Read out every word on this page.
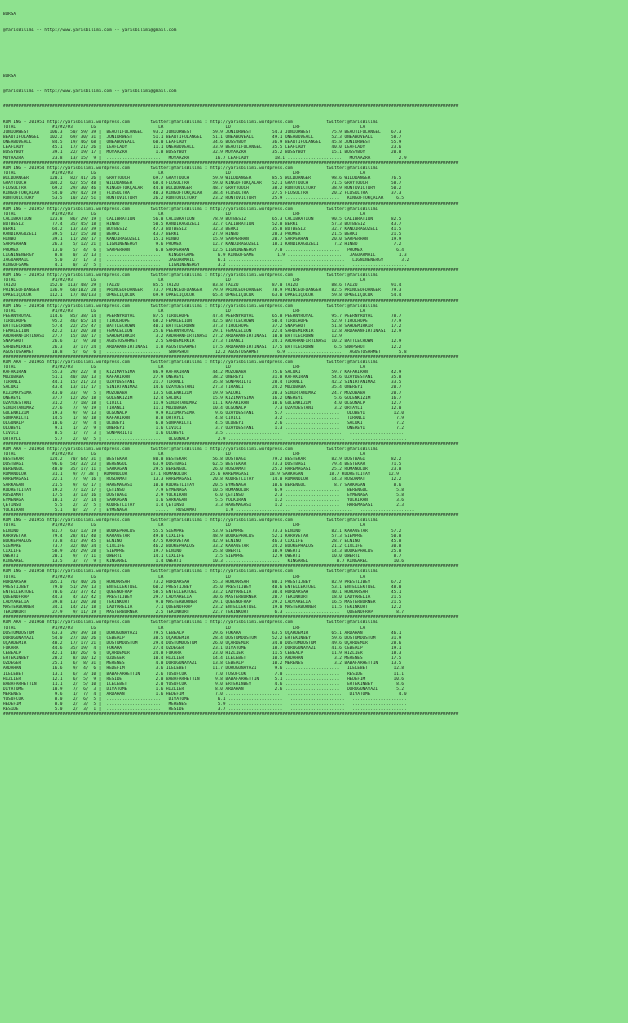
BURSA

@YarisBilimi -- http://www.yarisbilimi.com -- yarisbilimi@gmail.com

BURSA

@YarisBilimi -- http://www.yarisbilimi.com -- yarisbilimi@gmail.com

################################################################################################################################################################################

KUM ING - 201951 http://yarisbilimi.wordpress.com        twitter:@YarisBilimi : http://yarisbilimi.wordpress.com             twitter:@YarisBilimi
TOTAL              #1/#2/#3       LG                        LR                        LD                        LRF                       LA
JUNIORWEST        106.3   50/ 59/ 39 |  BEAUTIFULANGEL    93.2 JUNIORWEST        59.9 JUNIORWEST        54.3 JUNIORWEST        75.9 BEAUTIFULANGEL    67.3
BEAUTIFULANGEL    102.2   69/ 30/ 31 |  JUNIORWEST        51.1 BEAUTIFULANGEL    51.1 ONEABOVEALL       49.1 ONEABOVEALL       52.3 ONEABOVEALL       58.7
ONEABOVEALL        84.5   19/ 46/ 68 |  ONEABOVEALL       60.0 LEAFLADY          34.6 BOSSYBOY          36.9 BEAUTIFULANGEL    45.8 JUNIORWEST        55.9
LEAFLADY           45.1   17/ 21/ 26 |  LEAFLADY          11.1 ONEABOVEALL       33.9 BEAUTIFULANGEL    35.5 LEAFLADY          40.0 LEAFLADY          23.6
BOSSYBOY           39.1   22/ 19/ 17 |  MOYAAZRA           1.8 BOSSYBOY          32.9 MOYAAZRA          35.2 BOSSYBOY          15.1 BOSSYBOY          20.8
MOYAAZRA           23.8   13/ 15/  9 |  .....................   MOYAAZRA          16.7 LEAFLADY          18.1 .....................   MOYAAZRA           2.9
################################################################################################################################################################################
KUM ING - 201954 http://yarisbilimi.wordpress.com        twitter:@YarisBilimi : http://yarisbilimi.wordpress.com             twitter:@YarisBilimi
TOTAL              #1/#2/#3       LG                        LR                        LD                        LRF                       LA
WILDDANGER        120.1   82/ 41/ 26 |  GRAYTOUCH         69.7 GRAYTOUCH         59.9 WILDDANGER        85.5 WILDDANGER        98.6 WILDDANGER        76.5
GRAYTOUCH         104.2   62/ 55/ 48 |  WILDDANGER        68.4 FLUSULTRA         59.0 KINGOFTOKÇALAR    52.1 GRAYTOUCH         71.5 GRAYTOUCH         58.7
FLUSULTRA          69.2   29/ 30/ 46 |  KINGOFTOKÇALAR    44.0 WILDDANGER        48.7 GRAYTOUCH         38.2 RUNTOVICTORY      38.9 RUNTOVICTORY      50.2
KINGOFTOKÇALAR     54.0   29/ 42/ 19 |  FLUSULTRA         40.3 KINGOFTOKÇALAR    38.4 FLUSULTRA         27.5 FLUSULTRA         20.2 FLUSULTRA         37.3
RUNTOVICTORY       53.5   10/ 22/ 51 |  RUNTOVICTORY      26.2 RUNTOVICTORY      23.2 RUNTOVICTORY      25.9 .....................   KINGOFTOKÇALAR     6.5
################################################################################################################################################################################
KUM ING - 201957 http://yarisbilimi.wordpress.com        twitter:@YarisBilimi : http://yarisbilimi.wordpress.com             twitter:@YarisBilimi
TOTAL              #1/#2/#3       LG                        LR                        LD                        LRF                       LA
CALIBRATION       123.8   86/ 29/ 19 |  CALIBRATION       56.0 CALIBRATION       78.9 BÜTBESIZ          65.3 CALIBRATION       90.5 CALIBRATION       82.5
BÜTBESIZ           77.4   35/ 45/ 18 |  HINBO             50.5 KANDIRAGÜZELI     32.7 CALIBRATION       52.8 BERKI             57.3 BÜTBESIZ          43.7
BERKI              64.2   13/ 33/ 39 |  BÜTBESIZ          47.3 BÜTBESIZ          32.3 BERKI             35.8 BÜTBESIZ          32.7 KANDIRAGÜZELI     41.5
KANDIRAGÜZELI      39.5   12/ 15/ 30 |  BERKI             43.7 BERKI             27.9 HINBO             28.3 PROMEX            21.5 BERKI             21.5
HINBO              39.1   11/ 28/ 17 |  KANDIRAGÜZELI     15.1 HINBO             15.9 SARPERHAN         20.7 SARPERHAN         20.0 SARPERHAN         19.9
SARPERHAN          26.3    5/ 12/ 21 |  LIGNINENERGY       9.6 PROMEX            12.7 KANDIRAGÜZELI     18.1 KANDIRAGÜZELI      7.2 HINBO              7.2
PROMEX             13.0    5/  4/  6 |  SARPERHAN          6.8 SARPERHAN         12.5 LIGNINENERGY       7.0 .....................   PROMEX             6.4
LIGNINENERGY        8.8    0/  2/ 13 |  .....................   KINGOFGAME         6.9 KINGOFGAME         1.9 .....................   JAGUARMAIL         1.3
JAGUARMAIL          5.0    2/  1/  3 |  .....................   JAGUARMAIL         6.1 .....................   .....................   LIGNINENERGY       3.2
KINGOFGAME          4.1    0/  2/  5 |  .....................   LIGNINENERGY       3.2 .....................   .....................   .....................
################################################################################################################################################################################
KUM ING - 201953 http://yarisbilimi.wordpress.com        twitter:@YarisBilimi : http://yarisbilimi.wordpress.com             twitter:@YarisBilimi
TOTAL              #1/#2/#3       LG                        LR                        LD                        LRF                       LA
TAIZU             152.0  113/ 48/ 29 |  TAIZU             85.5 TAIZU             83.8 TAIZU             87.0 TAIZU             88.6 TAIZU             91.4
PRINCEOFDANGER    136.9   60/102/ 28 |  PRINCEOFDANGER    73.7 PRINCEOFDANGER    79.9 PRINCEOFDANGER    78.9 PRINCEOFDANGER    82.5 PRINCEOFDANGER    79.3
ÖPKELIÇOCUK       112.1   17/ 40/133 |  ÖPKELIÇOCUK       69.9 ÖPKELIÇOCUK       65.4 ÖPKELIÇOCUK       63.0 ÖPKELIÇOCUK       59.8 ÖPKELIÇOCUK       54.4
################################################################################################################################################################################
KUM ING - 201950 http://yarisbilimi.wordpress.com        twitter:@YarisBilimi : http://yarisbilimi.wordpress.com             twitter:@YarisBilimi
TOTAL              #1/#2/#3       LG                        LR                        LD                        LRF                       LA
PEERNYROYAL       114.6   85/ 38/ 14 |  PEERNYROYAL       87.5 TIROLHOPE         47.4 PEERNYROYAL       65.8 PEERNYROYAL       95.7 PEERNYROYAL       78.7
TIROLHOPE          95.2   46/ 65/ 14 |  TIROLHOPE         68.2 FEMALELION        42.5 BATTLECROWN       50.4 TIROLHOPE         52.9 TIROLHOPE         77.9
BATTLECROWN        57.4   22/ 25/ 47 |  BATTLECROWN       40.1 BATTLECROWN       37.3 TIROLHOPE         37.2 SNAPSHOT          51.8 SAHDEMIRKIR       17.2
FEMALELION         42.2   13/ 20/ 38 |  FEMALELION        25.6 PEERNYROYAL       29.1 FEMALELION        22.4 SAHDEMIRKIR       12.8 ARDAHANFIRTINASI  12.9
ARDAHANFIRTINASI   27.7   15/ 10/ 17 |  SAHDEMIRKIR        3.2 ARDAHANFIRTINASI  27.2 ARDAHANFIRTINASI  10.0 BATTLECROWN       12.9
SNAPSHOT           26.6    1/  9/ 30 |  AGUSTOSAHMET       2.5 SAHDEMIRKIR       27.3 TIRANLI           24.1 ARDAHANFIRTINASI  10.2 BATTLECROWN       12.9
SAHDEMIRKIR        26.3    3/ 17/ 24 |  ARDAHANFIRTINASI   1.8 AGUSTOSAHMET      17.5 ARDAHANFIRTINASI  17.5 BATTLECROWN        6.5 SNAPSHOT          12.2
AGUSTOSAHMET       10.8    5/  6/  6 |  .....................   SNAPSHOT          12.2 AGUSTOSAHMET       6.9 .....................   AGUSTOSAHMET       5.8
################################################################################################################################################################################
KUM ARA - 201965 http://yarisbilimi.wordpress.com        twitter:@YarisBilimi : http://yarisbilimi.wordpress.com             twitter:@YarisBilimi
TOTAL              #1/#2/#3       LG                        LR                        LD                        LRF                       LA
KAFAKIRAN          55.3   29/ 22/  8 |  KIZIMAYSIMA       86.9 KAFAKIRAN         44.2 MUZOBABA          75.6 SALUKI            59.7 KAFAKIRAN         42.9
MUZOBABA           51.1   40/ 10/ 13 |  KAFAKIRAN         27.9 ÖNEREYI           38.2 ÖNEREYI           31.8 KAFAKIRAN         54.6 UZAYDESTANI       35.8
TIRANLI            44.1   15/ 21/ 23 |  UZAYDESTANI       21.7 TIRANLI           35.8 SONPARILTI        28.4 TIRANLI           42.2 SINIRTANIMAZ      33.5
SALUKI             43.4   13/ 11/ 17 |  SINIRTANIMAZ      14.6 UZAYDESTANI       27.3 TIRANLI           24.2 MUZOBABA          35.4 ÖNEREYI           20.7
KIZIMAYSIMA        43.0   33/  9/  5 |  MUZOBABA          13.5 GÜLENKIZIM        19.9 SALUKI            20.3 SINIRTANIMAZ      24.7 MUZOBABA          20.7
ÖNEREYI            37.7   12/ 26/ 18 |  GÜLENKIZIM        12.4 SALUKI            15.9 KIZIMAYSIMA       16.2 ÖNEREYI            5.6 GÜLENKIZIM        16.7
UZAYDESTANI        31.2    7/ 18/ 18 |  CIVICI            11.9 SINIRTANIMAZ      11.1 KAFAKIRAN         10.6 GÜLENKIZIM         4.0 OLGUNALP          12.7
SINIRTANIMAZ       27.6    7/  9/ 19 |  TIRANLI           11.1 MUZOBABA          10.4 OLGUNALP           7.3 UZAYDESTANI        3.2 ORTAYLI           12.0
GÜLENKIZIM         19.3    9/  9/ 13 |  OLGUNALP           9.9 KIZIMAYSIMA        9.6 UZAYDESTANI        5.7 .....................   ULUBEYI           12.0
SONPARILTI         14.5    1/  8/ 18 |  KAFAKIRAN          8.8 ORTAYLI            4.8 CIVICI             3.2 .....................   TIRANLI            7.9
OLGUNALP           10.6    2/  9/  4 |  ULUBEYI            6.8 SONPARILTI         4.5 ULUBEYI            2.6 .....................   SALUKI             7.2
ULUBEYI             9.1    1/  2/  9 |  ÖNEREYI            1.6 CIVICI             3.7 UZAYDESTANI        1.3 .....................   ÖNEREYI            7.2
CIVICI              8.5    1/  7/  3 |  SONPARILTI         1.6 ULUBEYI            3.5 .....................   .....................   .....................
ORTAYLI             5.7    2/  0/  5 |  .....................   OLGUNALP           2.9 .....................   .....................   .....................
################################################################################################################################################################################
KUM ARA - 201964 http://yarisbilimi.wordpress.com        twitter:@YarisBilimi : http://yarisbilimi.wordpress.com             twitter:@YarisBilimi
TOTAL              #1/#2/#3       LG                        LR                        LD                        LRF                       LA
BESTEKAR          124.2   70/ 64/ 31 |  BESTEKAR          80.0 BESTEKAR          56.8 DOSTBAGI          79.2 BESTEKAR          82.9 DOSTBAGI          82.2
DOSTBAGI           96.6   54/ 32/ 23 |  BERENGÜL          63.9 DOSTBAGI          62.5 BESTEKAR          73.3 DOSTBAGI          79.4 BESTEKAR          71.5
BERENGÜL           48.0   35/ 17/ 11 |  SARKAGAN          29.5 BERENGÜL          26.0 RUSDAMAT          25.2 HAREMAGASI        25.2 ROMANOLUR         23.8
ROMANOLUR          31.1    9/ 7/ 38 |  ROMANOLUR         17.1 ROMANOLUR         25.6 HAREMAGASI        18.9 SARKAGAN          18.7 KUDRETLITAY       12.9
HAREMAGASI         22.1    7/  9/ 16 |  RUSDAMAT          13.3 HAREMAGASI        20.8 KUDRETLITAY       14.0 ROMANOLUR         14.3 RUSDAMAT          12.2
SARKAGAN           21.5    9/  6/ 17 |  HAREMAGASI        10.0 KUDRETLITAY       20.5 EYMENAGA          10.6 BERENGÜL           8.7 SARKAGAN           8.6
KUDRETLITAY        19.2    7/ 12/ 17 |  ÇETINSU            7.9 EYMENAGA          10.5 ROMANOLUR          6.9 .....................   BERENGÜL           5.8
RUSDAMAT           17.5    3/ 13/ 16 |  DOSTBAGI           2.9 YOLKIRAN           6.0 ÇETINSU            2.3 .....................   EYMENAGA           5.8
EYMENAGA           10.1    2/  2/ 14 |  SARKAGAN           1.6 SARKAGAN           5.5 YOLKIRAN           1.2 .....................   YOLKIRAN           3.6
ÇETINSU             5.5    2/  2/  5 |  KUDRETLITAY        1.4 ÇETINSU            3.3 HAREMAGASI         1.2 .....................   HAREMAGASI         2.3
YOLKIRAN            5.1    0/  2/  7 |  EYMENAGA           .....   RUSDAMAT           1.9 .....................   .....................   .....................
################################################################################################################################################################################
KUM ING - 201955 http://yarisbilimi.wordpress.com        twitter:@YarisBilimi : http://yarisbilimi.wordpress.com             twitter:@YarisBilimi
TOTAL              #1/#2/#3       LG                        LR                        LD                        LRF                       LA
ELNINO             81.7   63/ 13/ 19 |  BOUKEPHALOS       55.5 SIEMPRE           53.9 SIEMPRE           73.3 ELNINO            82.1 KARAVETAR         57.2
KARAVETAR          79.4   28/ 41/ 40 |  KARAVETAR         49.0 CIXLIFE           48.9 BOUKEPHALOS       52.1 KARAVETAR         57.3 SIEMPRE           50.8
BOUKEPHALOS        73.8   41/ 39/ 45 |  ELNINO            47.5 KARAVETAR         42.9 ELNINO            46.3 CIXLIFE           28.7 ELNINO            45.8
SIEMPRE            73.7   32/ 40/ 34 |  CIXLIFE           46.2 BOUKEPHALOS       33.2 KARAVETAR         24.2 BOUKEPHALOS       21.2 CIXLIFE           30.8
CIXLIFE            58.9   24/ 29/ 28 |  SIEMPRE           19.7 ELNINO            25.8 OWERTI            10.9 OWERTI            14.3 BOUKEPHALOS       25.8
OWERTI             20.1    9/  7/ 11 |  OWERTI            14.1 CIXLIFE            2.5 SIEMPRE           12.9 OWERTI            10.0 OWERTI             8.7
KINGAREL           13.5    3/  7/  9 |  KINGAREL           1.4 OWERTI            10.3 .....................   KINGAREL           8.7 KINGAREL          10.6
################################################################################################################################################################################
KUM ING - 201958 http://yarisbilimi.wordpress.com        twitter:@YarisBilimi : http://yarisbilimi.wordpress.com             twitter:@YarisBilimi
TOTAL              #1/#2/#3       LG                        LR                        LD                        LRF                       LA
HÜRDARSAH         105.1   76/ 40/ 26 |  HÜRDARSAH         73.2 HÜRDARSAH         55.3 HÜRDARSAH         80.1 PRESTIJBEY        82.9 PRESTIJBEY        67.2
PRESTIJBEY         79.0   51/ 29/ 13 |  ENTELLEKTÜEL      60.2 PRESTIJBEY        35.0 PRESTIJBEY        40.6 ENTELLEKTÜEL      53.1 ENTELLEKTÜEL      48.0
ENTELLEKTÜEL       70.6   23/ 37/ 42 |  QUEENOFRAP        58.5 ENTELLEKTÜEL      33.2 LADYARELIA        30.4 HÜRDARSAH         40.1 HÜRDARSAH         45.1
QUEENOFRAP         44.3    4/ 32/ 42 |  PRESTIJBEY        29.7 LADYARELIA        30.6 MASTERBURNER      28.7 TEKINKURT         18.0 LADYARELIA        21.5
LADYARELIA         39.8   13/ 20/ 30 |  TEKINKURT          9.0 MASTERBURNER      29.1 QUEENOFRAP        29.2 LADYARELIA        16.5 MASTERBURNER      21.5
MASTERBURNER       34.1   14/ 21/ 18 |  LADYARELIA         7.1 QUEENOFRAP        23.2 ENTELLEKTÜEL      19.0 MASTERBURNER      11.5 TEKINKURT         12.2
TEKINKURT          27.9    9/ 11/ 19 |  MASTERBURNER       2.5 TEKINKURT         22.7 TEKINKURT          6.3 .....................   QUEENOFRAP         8.7
################################################################################################################################################################################
KUM ARA - 201960 http://yarisbilimi.wordpress.com        twitter:@YarisBilimi : http://yarisbilimi.wordpress.com             twitter:@YarisBilimi
TOTAL              #1/#2/#3       LG                        LR                        LD                        LRF                       LA
DOSTUMDOSTUM       63.3   29/ 39/ 18 |  DORUGUNAYAZI      79.5 CEBEALP           29.6 FUKARA            63.5 UÇARDEMIR         65.1 ARDAHAN           46.1
DORUGUNAYAZI       54.0   27/ 10/ 26 |  CEBEALP           38.5 UÇARDEMIR         28.4 DOSTUMDOSTUM      52.2 ERTEKINBEY        59.6 DOSTUMDOSTUM      31.9
UÇARDEMIR          48.2   17/ 17/ 21 |  DOSTUMDOSTUM      29.4 DOSTUMDOSTUM      26.0 UÇARDEMIR         34.0 DOSTUMDOSTUM      49.6 UÇARDEMIR         28.6
FUKARA             44.6   35/ 19/  4 |  FUKARA            27.4 ÖZDEGER           23.1 DIYATOME          18.7 DORUGUNAYAZI      41.6 CEBEALP           19.1
CEBEALP            42.1   18/ 26/  6 |  UÇARDEMIR         24.8 FUKARA            23.0 HIZLIER           11.5 CEBEALP           11.9 HIZLIER           18.3
ERTEKINBEY         28.2    8/ 10/ 12 |  ÖZDEGER           10.4 HIZLIER           14.4 ILELEBET          10.5 ARDAHAN            3.2 MERENES           17.5
ÖZDEGER            25.1    6/  8/ 31 |  MERENES            4.0 DORUGUNAYAZI      13.8 CEBEALP           10.2 MERENES            3.2 BABAFARHETTIN     13.5
ARDAHAN            16.6    9/  4/  6 |  HEDEFIM            3.6 ILELEBET          11.7 DORUGUNAYAZI       9.6 .....................   ILELEBET          12.8
ILELEBET           13.1    6/  3/ 10 |  BABAFARHETTIN      2.6 TUSUFCUK           7.0 TUSUFCUK           7.0 .....................   RESIDE            11.1
HIZLIER            12.1    6/  5/  9 |  RESIDE             2.0 BABAFARHETTIN      9.8 BABAFARHETTIN      5.1 .....................   HEDEFIM           10.6
BABAFARHETTIN      11.1    2/  5/ 10 |  ILELEBET           2.0 YUSUFCUK           9.0 ERTEKINBEY         4.6 .....................   ERTEKINBEY         8.6
DIYATOME           10.9    7/  6/  3 |  DIYATOME           1.6 HIZLIER            8.0 ARDAHAN            2.6 .....................   DORUGUNAYAZI       5.2
MERENES             9.6    1/  7/  4 |  ARDAHAN            1.6 HEDEFIM            7.0 .....................   .....................   DIYATOME           4.0
YUSUFCUK            8.0    2/  6/  5 |  .....................   DIYATOME           6.1 .....................   .....................   .....................
HEDEFIM             8.0    2/  3/  5 |  .....................   MERENES            5.9 .....................   .....................   .....................
RESIDE              5.0    2/  3/  1 |  .....................   RESIDE             3.7 .....................   .....................   .....................
################################################################################################################################################################################
